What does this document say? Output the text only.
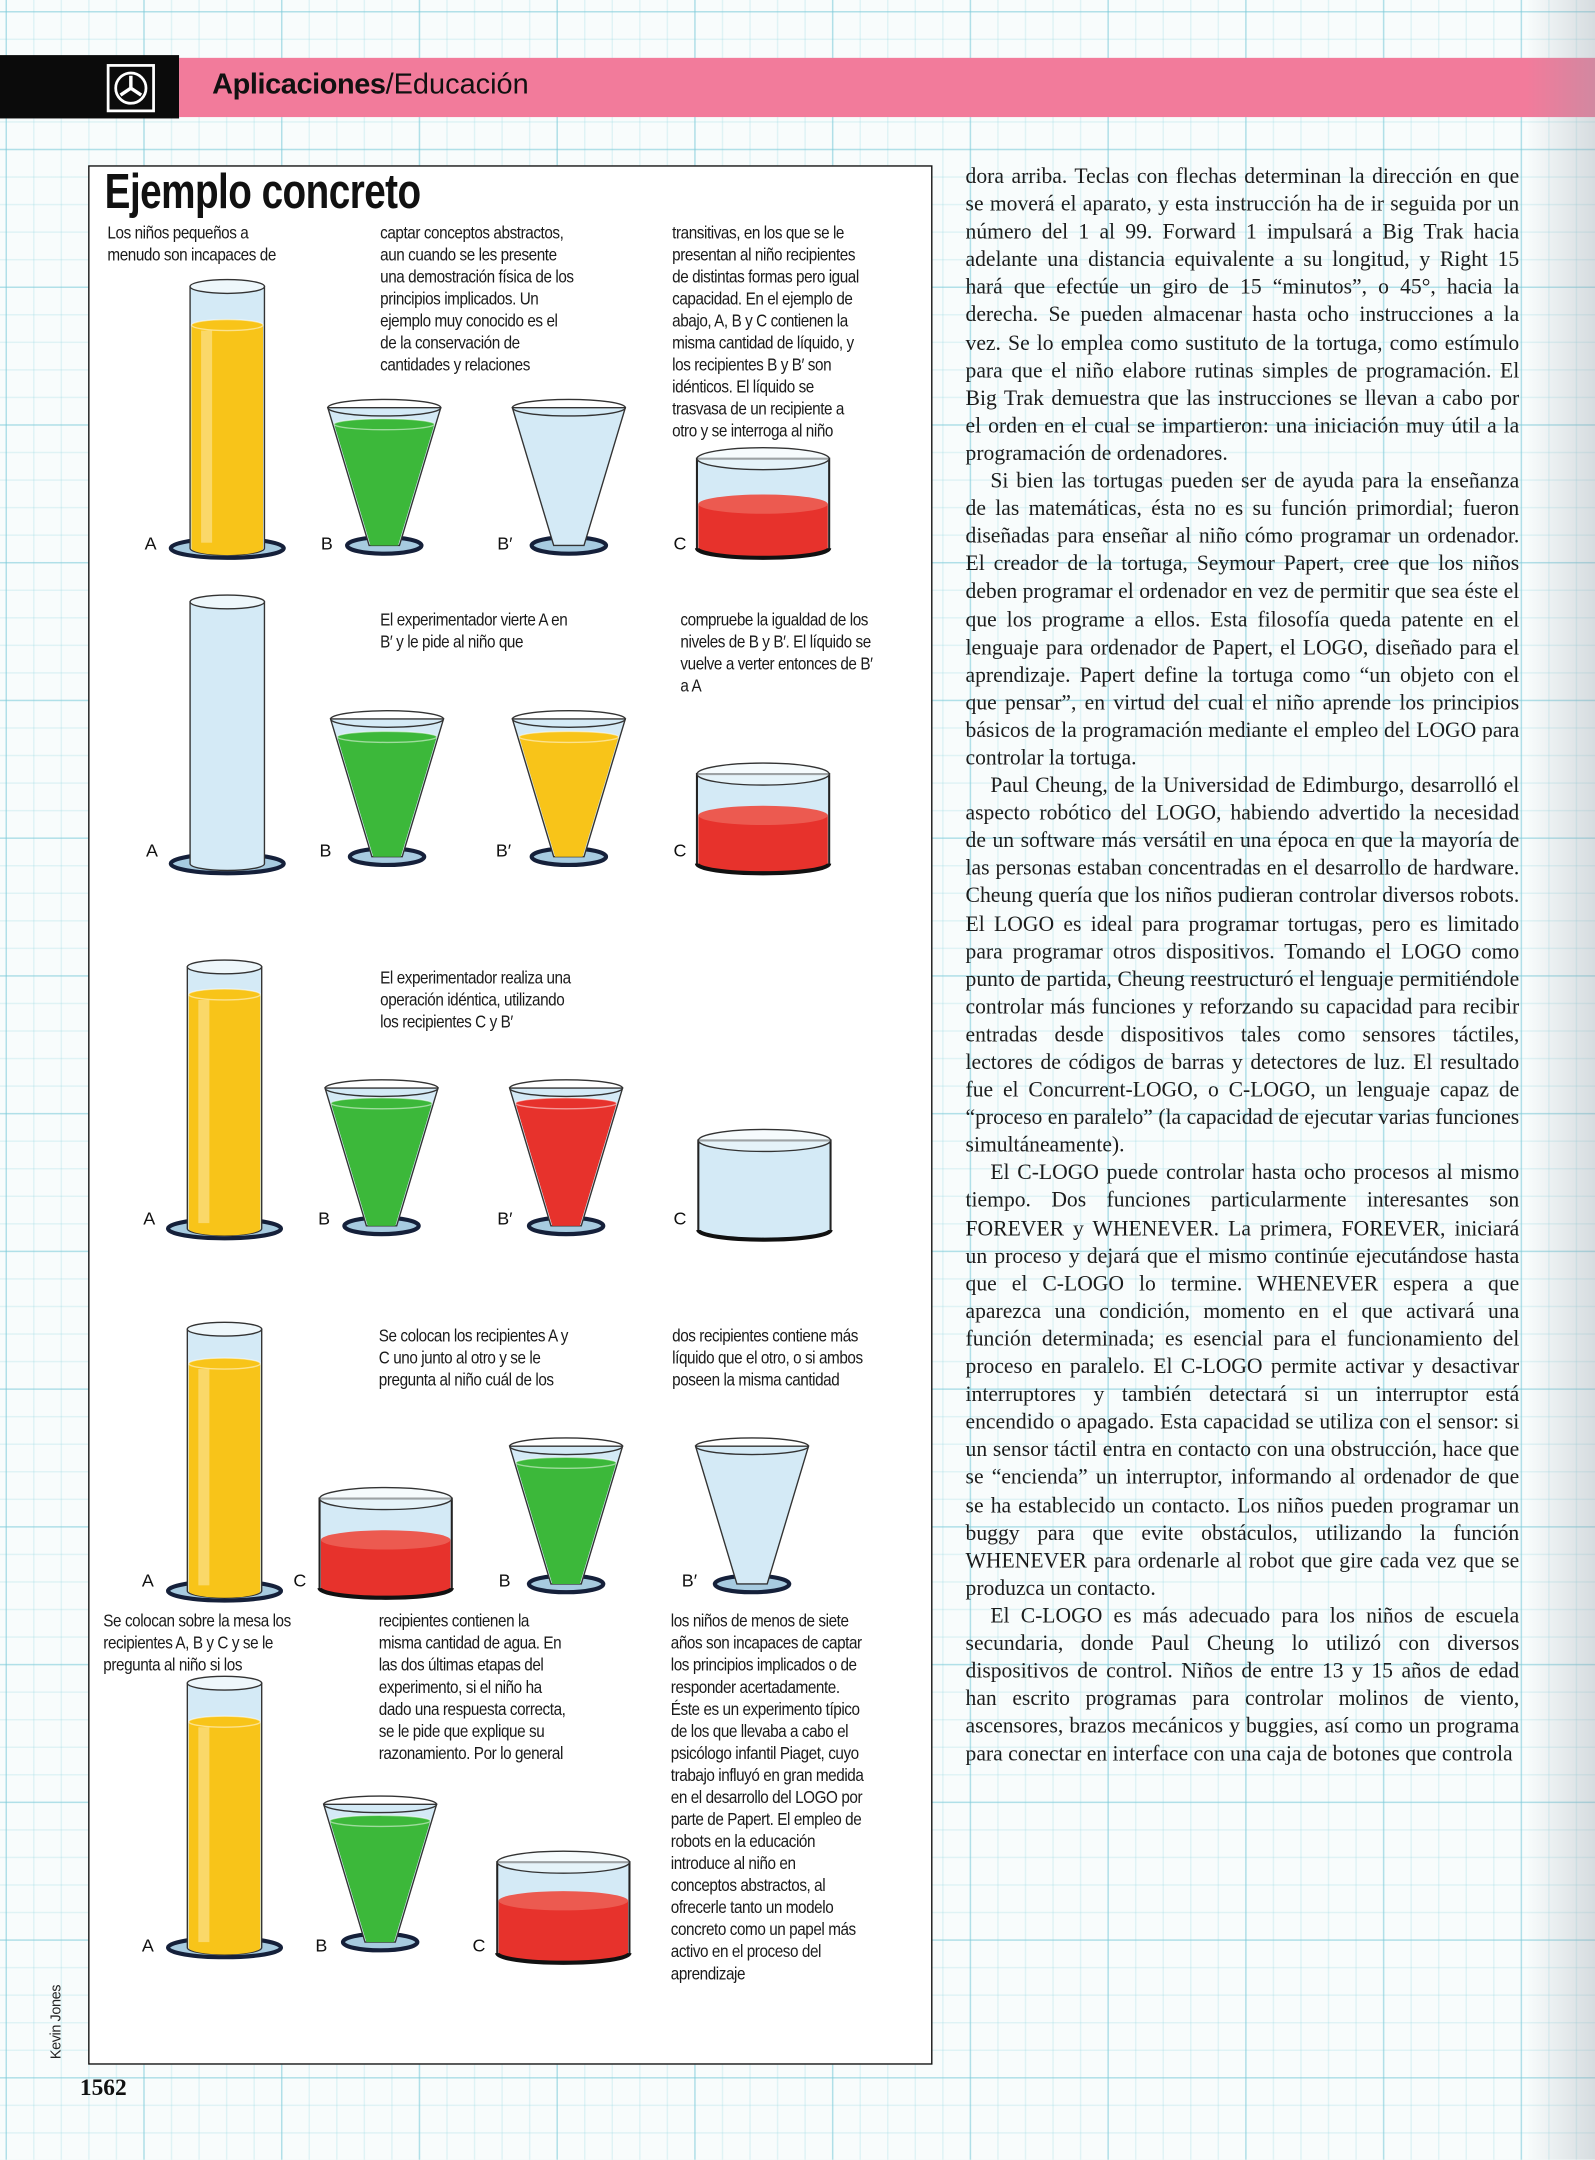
Aplicaciones/Educación
Ejemplo concreto
Los niños pequeños a
menudo son incapaces de
captar conceptos abstractos,
aun cuando se les presente
una demostración física de los
principios implicados. Un
ejemplo muy conocido es el
de la conservación de
cantidades y relaciones
transitivas, en los que se le
presentan al niño recipientes
de distintas formas pero igual
capacidad. En el ejemplo de
abajo, A, B y C contienen la
misma cantidad de líquido, y
los recipientes B y B′ son
idénticos. El líquido se
trasvasa de un recipiente a
otro y se interroga al niño
El experimentador vierte A en
B′ y le pide al niño que
compruebe la igualdad de los
niveles de B y B′. El líquido se
vuelve a verter entonces de B′
a A
El experimentador realiza una
operación idéntica, utilizando
los recipientes C y B′
Se colocan los recipientes A y
C uno junto al otro y se le
pregunta al niño cuál de los
dos recipientes contiene más
líquido que el otro, o si ambos
poseen la misma cantidad
Se colocan sobre la mesa los
recipientes A, B y C y se le
pregunta al niño si los
recipientes contienen la
misma cantidad de agua. En
las dos últimas etapas del
experimento, si el niño ha
dado una respuesta correcta,
se le pide que explique su
razonamiento. Por lo general
los niños de menos de siete
años son incapaces de captar
los principios implicados o de
responder acertadamente.
Éste es un experimento típico
de los que llevaba a cabo el
psicólogo infantil Piaget, cuyo
trabajo influyó en gran medida
en el desarrollo del LOGO por
parte de Papert. El empleo de
robots en la educación
introduce al niño en
conceptos abstractos, al
ofrecerle tanto un modelo
concreto como un papel más
activo en el proceso del
aprendizaje
A	B	B′	C
A	B	B′	C
A	B	B′	C
A	C	B	B′
A	B	C

dora arriba. Teclas con flechas determinan la dirección en que se moverá el aparato, y esta instrucción ha de ir seguida por un número del 1 al 99. Forward 1 impulsará a Big Trak hacia adelante una distancia equivalente a su longitud, y Right 15 hará que efectúe un giro de 15 “minutos”, o 45°, hacia la derecha. Se pueden almacenar hasta ocho instrucciones a la vez. Se lo emplea como sustituto de la tortuga, como estímulo para que el niño elabore rutinas simples de programación. El Big Trak demuestra que las instrucciones se llevan a cabo por el orden en el cual se impartieron: una iniciación muy útil a la programación de ordenadores.

Si bien las tortugas pueden ser de ayuda para la enseñanza de las matemáticas, ésta no es su función primordial; fueron diseñadas para enseñar al niño cómo programar un ordenador. El creador de la tortuga, Seymour Papert, cree que los niños deben programar el ordenador en vez de permitir que sea éste el que los programe a ellos. Esta filosofía queda patente en el lenguaje para ordenador de Papert, el LOGO, diseñado para el aprendizaje. Papert define la tortuga como “un objeto con el que pensar”, en virtud del cual el niño aprende los principios básicos de la programación mediante el empleo del LOGO para controlar la tortuga.

Paul Cheung, de la Universidad de Edimburgo, desarrolló el aspecto robótico del LOGO, habiendo advertido la necesidad de un software más versátil en una época en que la mayoría de las personas estaban concentradas en el desarrollo de hardware. Cheung quería que los niños pudieran controlar diversos robots. El LOGO es ideal para programar tortugas, pero es limitado para programar otros dispositivos. Tomando el LOGO como punto de partida, Cheung reestructuró el lenguaje permitiéndole controlar más funciones y reforzando su capacidad para recibir entradas desde dispositivos tales como sensores táctiles, lectores de códigos de barras y detectores de luz. El resultado fue el Concurrent-LOGO, o C-LOGO, un lenguaje capaz de “proceso en paralelo” (la capacidad de ejecutar varias funciones simultáneamente).

El C-LOGO puede controlar hasta ocho procesos al mismo tiempo. Dos funciones particularmente interesantes son FOREVER y WHENEVER. La primera, FOREVER, iniciará un proceso y dejará que el mismo continúe ejecutándose hasta que el C-LOGO lo termine. WHENEVER espera a que aparezca una condición, momento en el que activará una función determinada; es esencial para el funcionamiento del proceso en paralelo. El C-LOGO permite activar y desactivar interruptores y también detectará si un interruptor está encendido o apagado. Esta capacidad se utiliza con el sensor: si un sensor táctil entra en contacto con una obstrucción, hace que se “encienda” un interruptor, informando al ordenador de que se ha establecido un contacto. Los niños pueden programar un buggy para que evite obstáculos, utilizando la función WHENEVER para ordenarle al robot que gire cada vez que se produzca un contacto.

El C-LOGO es más adecuado para los niños de escuela secundaria, donde Paul Cheung lo utilizó con diversos dispositivos de control. Niños de entre 13 y 15 años de edad han escrito programas para controlar molinos de viento, ascensores, brazos mecánicos y buggies, así como un programa para conectar en interface con una caja de botones que controla

Kevin Jones
1562
